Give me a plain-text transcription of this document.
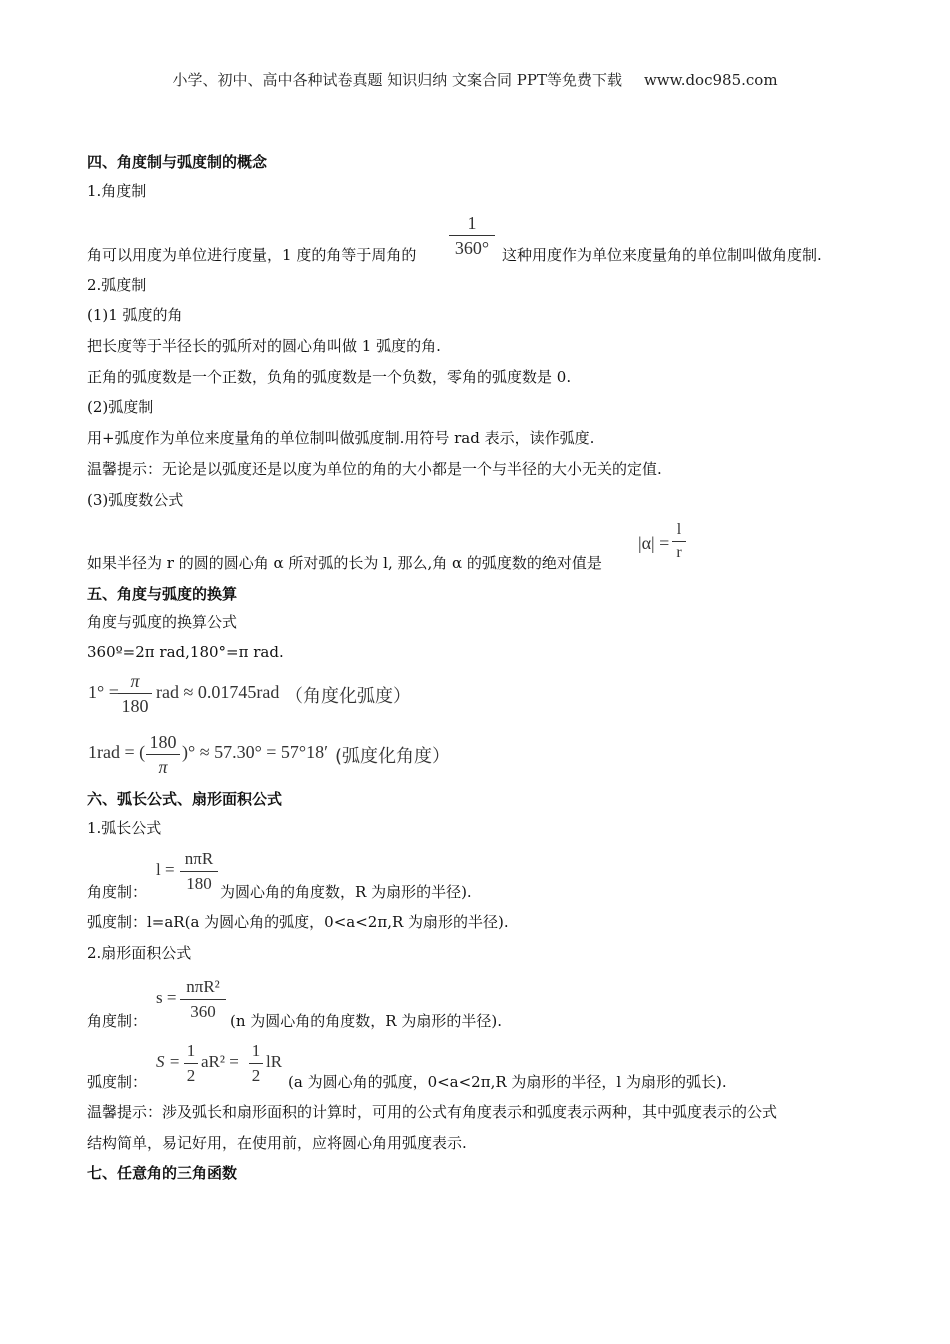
小学、初中、高中各种试卷真题 知识归纳 文案合同 PPT等免费下载 www.doc985.com
四、角度制与弧度制的概念
1.角度制
1
360°
角可以用度为单位进行度量，1 度的角等于周角的	这种用度作为单位来度量角的单位制叫做角度制.
2.弧度制
(1)1 弧度的角
把长度等于半径长的弧所对的圆心角叫做 1 弧度的角.
正角的弧度数是一个正数，负角的弧度数是一个负数，零角的弧度数是 0.
(2)弧度制
用+弧度作为单位来度量角的单位制叫做弧度制.用符号 rad 表示，读作弧度.
温馨提示：无论是以弧度还是以度为单位的角的大小都是一个与半径的大小无关的定值.
(3)弧度数公式
如果半径为 r 的圆的圆心角 α 所对弧的长为 l, 那么,角 α 的弧度数的绝对值是
|α| =
l
r
五、角度与弧度的换算
角度与弧度的换算公式
360º=2π rad,180°=π rad.
1° =
π
180
rad ≈ 0.01745rad （角度化弧度）
1rad = ( 180
π
)° ≈ 57.30° = 57°18′ (弧度化角度）
六、弧长公式、扇形面积公式
1.弧长公式
l =
nπR
180
角度制：	为圆心角的角度数，R 为扇形的半径).
弧度制：l=aR(a 为圆心角的弧度，0<a<2π,R 为扇形的半径).
2.扇形面积公式
s =
nπR²
360
角度制：	(n 为圆心角的角度数，R 为扇形的半径).
S =
1
2
aR² =
1
2
lR
弧度制：	(a 为圆心角的弧度，0<a<2π,R 为扇形的半径，l 为扇形的弧长).
温馨提示：涉及弧长和扇形面积的计算时，可用的公式有角度表示和弧度表示两种，其中弧度表示的公式
结构简单，易记好用，在使用前，应将圆心角用弧度表示.
七、任意角的三角函数
